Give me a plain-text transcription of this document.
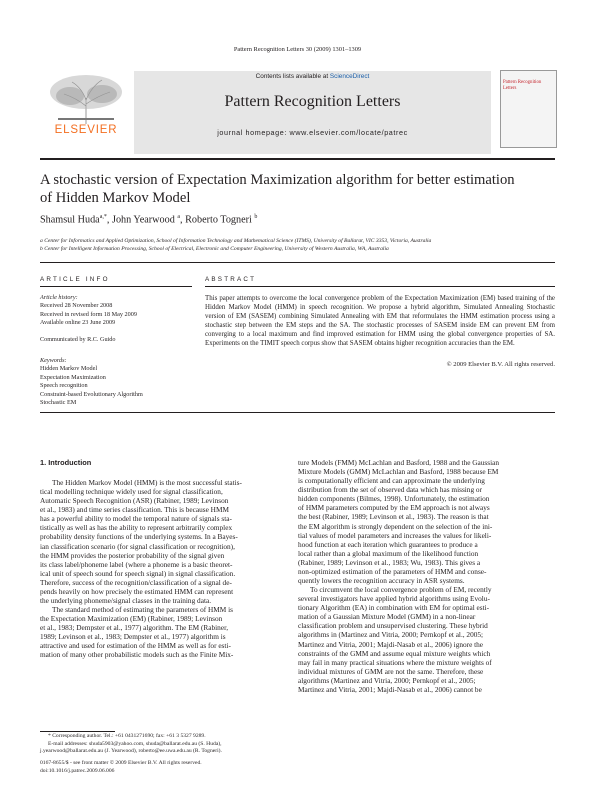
Pattern Recognition Letters 30 (2009) 1301–1309
ELSEVIER
Contents lists available at ScienceDirect
Pattern Recognition Letters
journal homepage: www.elsevier.com/locate/patrec
Pattern Recognition
Letters
A stochastic version of Expectation Maximization algorithm for better estimation
of Hidden Markov Model
Shamsul Huda$^{a,*}$, John Yearwood $^a$, Roberto Togneri $^b$
a Center for Informatics and Applied Optimization, School of Information Technology and Mathematical Science (ITMS), University of Ballarat, VIC 3353, Victoria, Australia
b Center for Intelligent Information Processing, School of Electrical, Electronic and Computer Engineering, University of Western Australia, WA, Australia
ARTICLE INFO	ABSTRACT
Article history:
Received 28 November 2008
Received in revised form 18 May 2009
Available online 23 June 2009
Communicated by R.C. Guido
Keywords:
Hidden Markov Model
Expectation Maximization
Speech recognition
Constraint-based Evolutionary Algorithm
Stochastic EM
This paper attempts to overcome the local convergence problem of the Expectation Maximization (EM) based training of the Hidden Markov Model (HMM) in speech recognition. We propose a hybrid algorithm, Simulated Annealing Stochastic version of EM (SASEM) combining Simulated Annealing with EM that reformulates the HMM estimation process using a stochastic step between the EM steps and the SA. The stochastic processes of SASEM inside EM can prevent EM from converging to a local maximum and find improved estimation for HMM using the global convergence properties of SA. Experiments on the TIMIT speech corpus show that SASEM obtains higher recognition accuracies than the EM.
© 2009 Elsevier B.V. All rights reserved.
1. Introduction
The Hidden Markov Model (HMM) is the most successful statis-
tical modelling technique widely used for signal classification,
Automatic Speech Recognition (ASR) (Rabiner, 1989; Levinson
et al., 1983) and time series classification. This is because HMM
has a powerful ability to model the temporal nature of signals sta-
tistically as well as has the ability to represent arbitrarily complex
probability density functions of the underlying systems. In a Bayes-
ian classification scenario (for signal classification or recognition),
the HMM provides the posterior probability of the signal given
its class label/phoneme label (where a phoneme is a basic theoret-
ical unit of speech sound for speech signal) in signal classification.
Therefore, success of the recognition/classification of a signal de-
pends heavily on how precisely the estimated HMM can represent
the underlying phoneme/signal classes in the training data.
The standard method of estimating the parameters of HMM is
the Expectation Maximization (EM) (Rabiner, 1989; Levinson
et al., 1983; Dempster et al., 1977) algorithm. The EM (Rabiner,
1989; Levinson et al., 1983; Dempster et al., 1977) algorithm is
attractive and used for estimation of the HMM as well as for esti-
mation of many other probabilistic models such as the Finite Mix-
ture Models (FMM) McLachlan and Basford, 1988 and the Gaussian
Mixture Models (GMM) McLachlan and Basford, 1988 because EM
is computationally efficient and can approximate the underlying
distribution from the set of observed data which has missing or
hidden components (Bilmes, 1998). Unfortunately, the estimation
of HMM parameters computed by the EM approach is not always
the best (Rabiner, 1989; Levinson et al., 1983). The reason is that
the EM algorithm is strongly dependent on the selection of the ini-
tial values of model parameters and increases the values for likeli-
hood function at each iteration which guarantees to produce a
local rather than a global maximum of the likelihood function
(Rabiner, 1989; Levinson et al., 1983; Wu, 1983). This gives a
non-optimized estimation of the parameters of HMM and conse-
quently lowers the recognition accuracy in ASR systems.
To circumvent the local convergence problem of EM, recently
several investigators have applied hybrid algorithms using Evolu-
tionary Algorithm (EA) in combination with EM for optimal esti-
mation of a Gaussian Mixture Model (GMM) in a non-linear
classification problem and unsupervised clustering. These hybrid
algorithms in (Martinez and Vitria, 2000; Pernkopf et al., 2005;
Martinez and Vitria, 2001; Majdi-Nasab et al., 2006) ignore the
constraints of the GMM and assume equal mixture weights which
may fail in many practical situations where the mixture weights of
individual mixtures of GMM are not the same. Therefore, these
algorithms (Martinez and Vitria, 2000; Pernkopf et al., 2005;
Martinez and Vitria, 2001; Majdi-Nasab et al., 2006) cannot be
* Corresponding author. Tel.: +61 0431271690; fax: +61 3 5327 9289.
E-mail addresses: shuda5903@yahoo.com, shuda@ballarat.edu.au (S. Huda),
j.yearwood@ballarat.edu.au (J. Yearwood), roberto@ee.uwa.edu.au (R. Togneri).
0167-8655/$ - see front matter © 2009 Elsevier B.V. All rights reserved.
doi:10.1016/j.patrec.2009.06.006
